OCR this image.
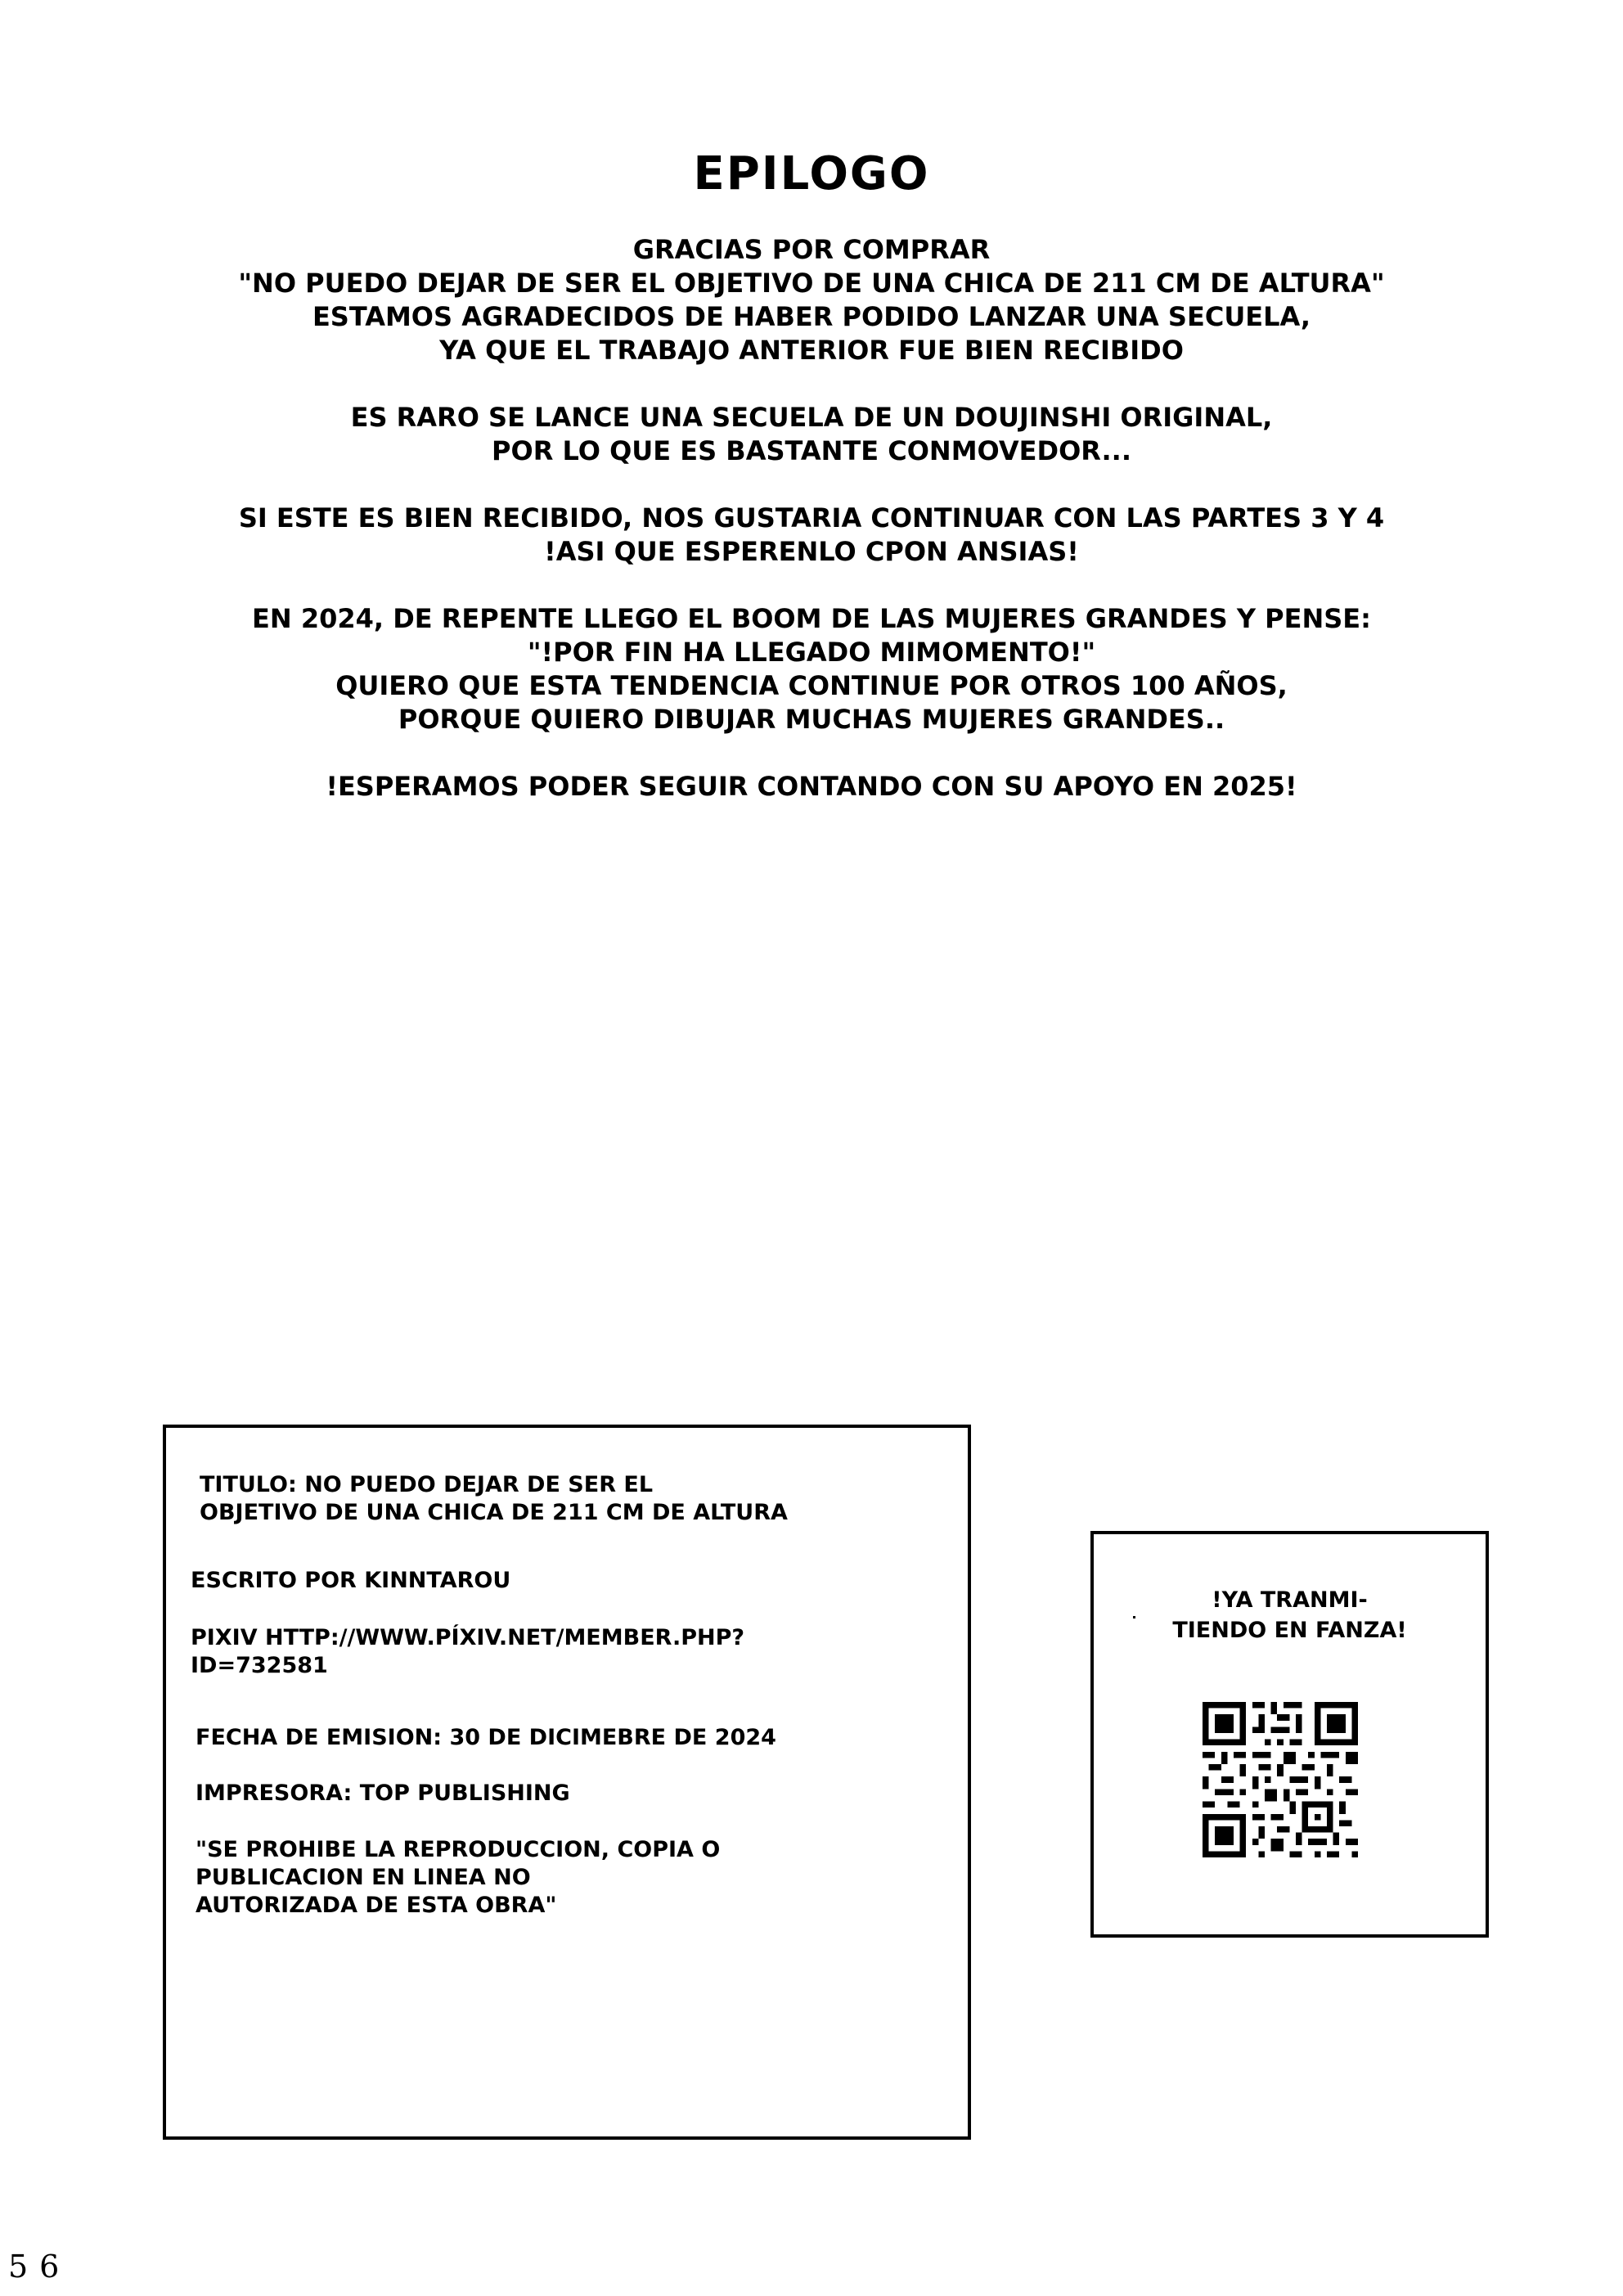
EPILOGO
GRACIAS POR COMPRAR
"NO PUEDO DEJAR DE SER EL OBJETIVO DE UNA CHICA DE 211 CM DE ALTURA"
ESTAMOS AGRADECIDOS DE HABER PODIDO LANZAR UNA SECUELA,
YA QUE EL TRABAJO ANTERIOR FUE BIEN RECIBIDO
ES RARO SE LANCE UNA SECUELA DE UN DOUJINSHI ORIGINAL,
POR LO QUE ES BASTANTE CONMOVEDOR...
SI ESTE ES BIEN RECIBIDO, NOS GUSTARIA CONTINUAR CON LAS PARTES 3 Y 4
!ASI QUE ESPERENLO CPON ANSIAS!
EN 2024, DE REPENTE LLEGO EL BOOM DE LAS MUJERES GRANDES Y PENSE:
"!POR FIN HA LLEGADO MIMOMENTO!"
QUIERO QUE ESTA TENDENCIA CONTINUE POR OTROS 100 AÑOS,
PORQUE QUIERO DIBUJAR MUCHAS MUJERES GRANDES..
!ESPERAMOS PODER SEGUIR CONTANDO CON SU APOYO EN 2025!
TITULO: NO PUEDO DEJAR DE SER EL
OBJETIVO DE UNA CHICA DE 211 CM DE ALTURA
ESCRITO POR KINNTAROU
PIXIV HTTP://WWW.PÍXIV.NET/MEMBER.PHP?
ID=732581
FECHA DE EMISION: 30 DE DICIMEBRE DE 2024
IMPRESORA: TOP PUBLISHING
"SE PROHIBE LA REPRODUCCION, COPIA O
PUBLICACION EN LINEA NO
AUTORIZADA DE ESTA OBRA"
!YA TRANMI-
TIENDO EN FANZA!
56
